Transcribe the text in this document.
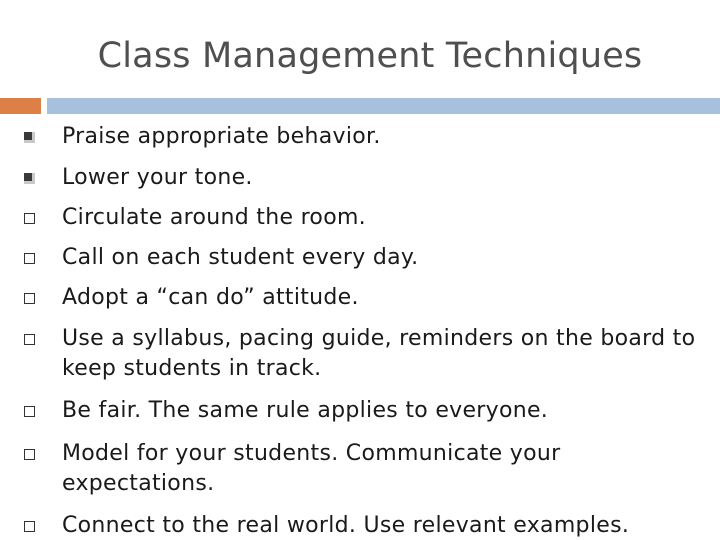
Class Management Techniques
Praise appropriate behavior.
Lower your tone.
Circulate around the room.
Call on each student every day.
Adopt a “can do” attitude.
Use a syllabus, pacing guide, reminders on the board to keep students in track.
Be fair. The same rule applies to everyone.
Model for your students. Communicate your expectations.
Connect to the real world. Use relevant examples.
